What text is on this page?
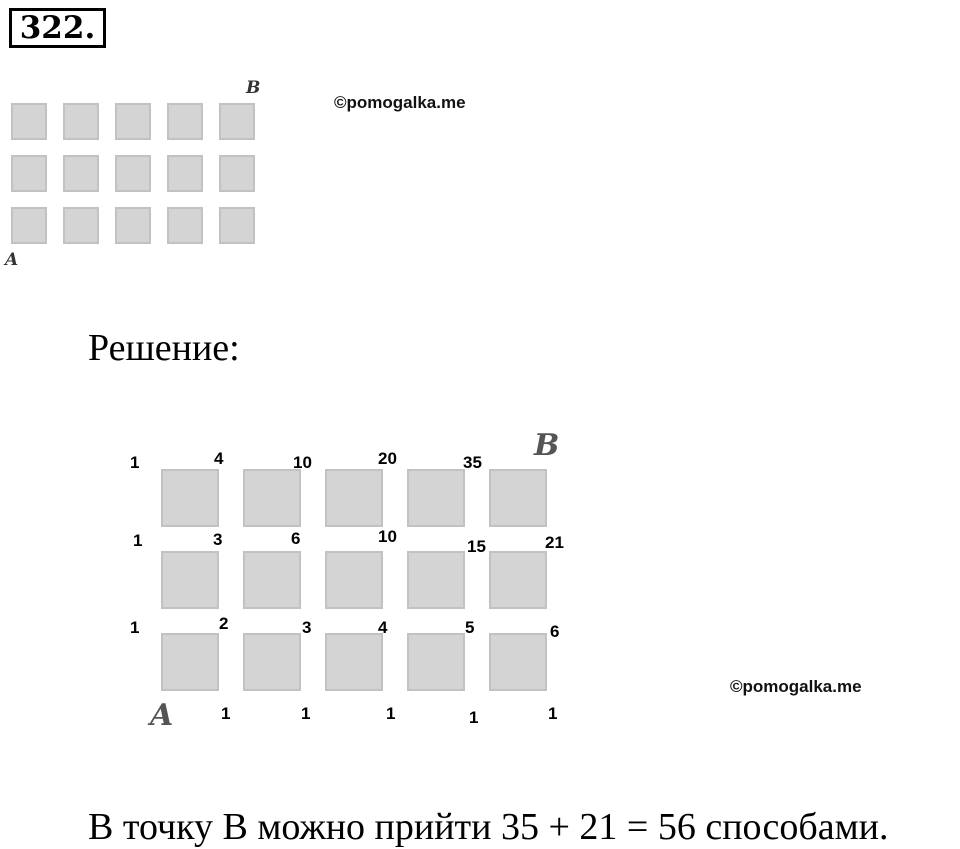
322.
B
A
©pomogalka.me
Решение:
B
A
1	4	10	20	35
1	3	6	10
15	21
1	2	3	4	5	6
1	1	1	1	1
©pomogalka.me
В точку В можно прийти 35 + 21 = 56 способами.
